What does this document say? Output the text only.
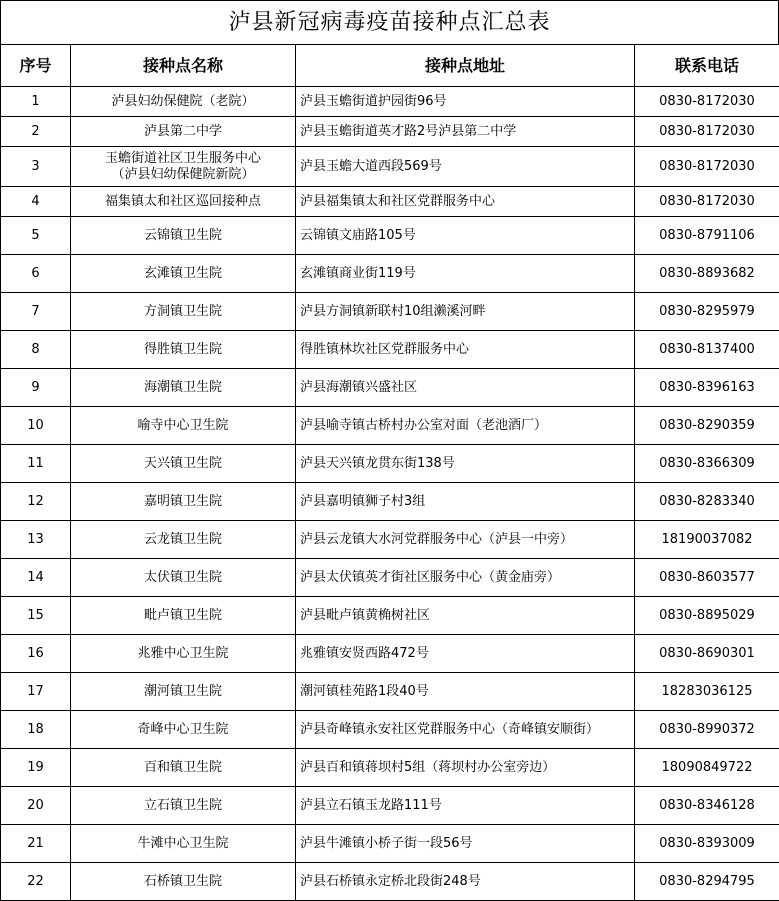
泸县新冠病毒疫苗接种点汇总表
序号	接种点名称	接种点地址	联系电话
1	泸县妇幼保健院（老院）	泸县玉蟾街道护园街96号	0830-8172030
2	泸县第二中学	泸县玉蟾街道英才路2号泸县第二中学	0830-8172030
3	玉蟾街道社区卫生服务中心
（泸县妇幼保健院新院）	泸县玉蟾大道西段569号	0830-8172030
4	福集镇太和社区巡回接种点	泸县福集镇太和社区党群服务中心	0830-8172030
5	云锦镇卫生院	云锦镇文庙路105号	0830-8791106
6	玄滩镇卫生院	玄滩镇商业街119号	0830-8893682
7	方洞镇卫生院	泸县方洞镇新联村10组濑溪河畔	0830-8295979
8	得胜镇卫生院	得胜镇林坎社区党群服务中心	0830-8137400
9	海潮镇卫生院	泸县海潮镇兴盛社区	0830-8396163
10	喻寺中心卫生院	泸县喻寺镇古桥村办公室对面（老池酒厂）	0830-8290359
11	天兴镇卫生院	泸县天兴镇龙贯东街138号	0830-8366309
12	嘉明镇卫生院	泸县嘉明镇狮子村3组	0830-8283340
13	云龙镇卫生院	泸县云龙镇大水河党群服务中心（泸县一中旁）	18190037082
14	太伏镇卫生院	泸县太伏镇英才街社区服务中心（黄金庙旁）	0830-8603577
15	毗卢镇卫生院	泸县毗卢镇黄桷树社区	0830-8895029
16	兆雅中心卫生院	兆雅镇安贤西路472号	0830-8690301
17	潮河镇卫生院	潮河镇桂苑路1段40号	18283036125
18	奇峰中心卫生院	泸县奇峰镇永安社区党群服务中心（奇峰镇安顺街）	0830-8990372
19	百和镇卫生院	泸县百和镇蒋坝村5组（蒋坝村办公室旁边）	18090849722
20	立石镇卫生院	泸县立石镇玉龙路111号	0830-8346128
21	牛滩中心卫生院	泸县牛滩镇小桥子街一段56号	0830-8393009
22	石桥镇卫生院	泸县石桥镇永定桥北段街248号	0830-8294795
